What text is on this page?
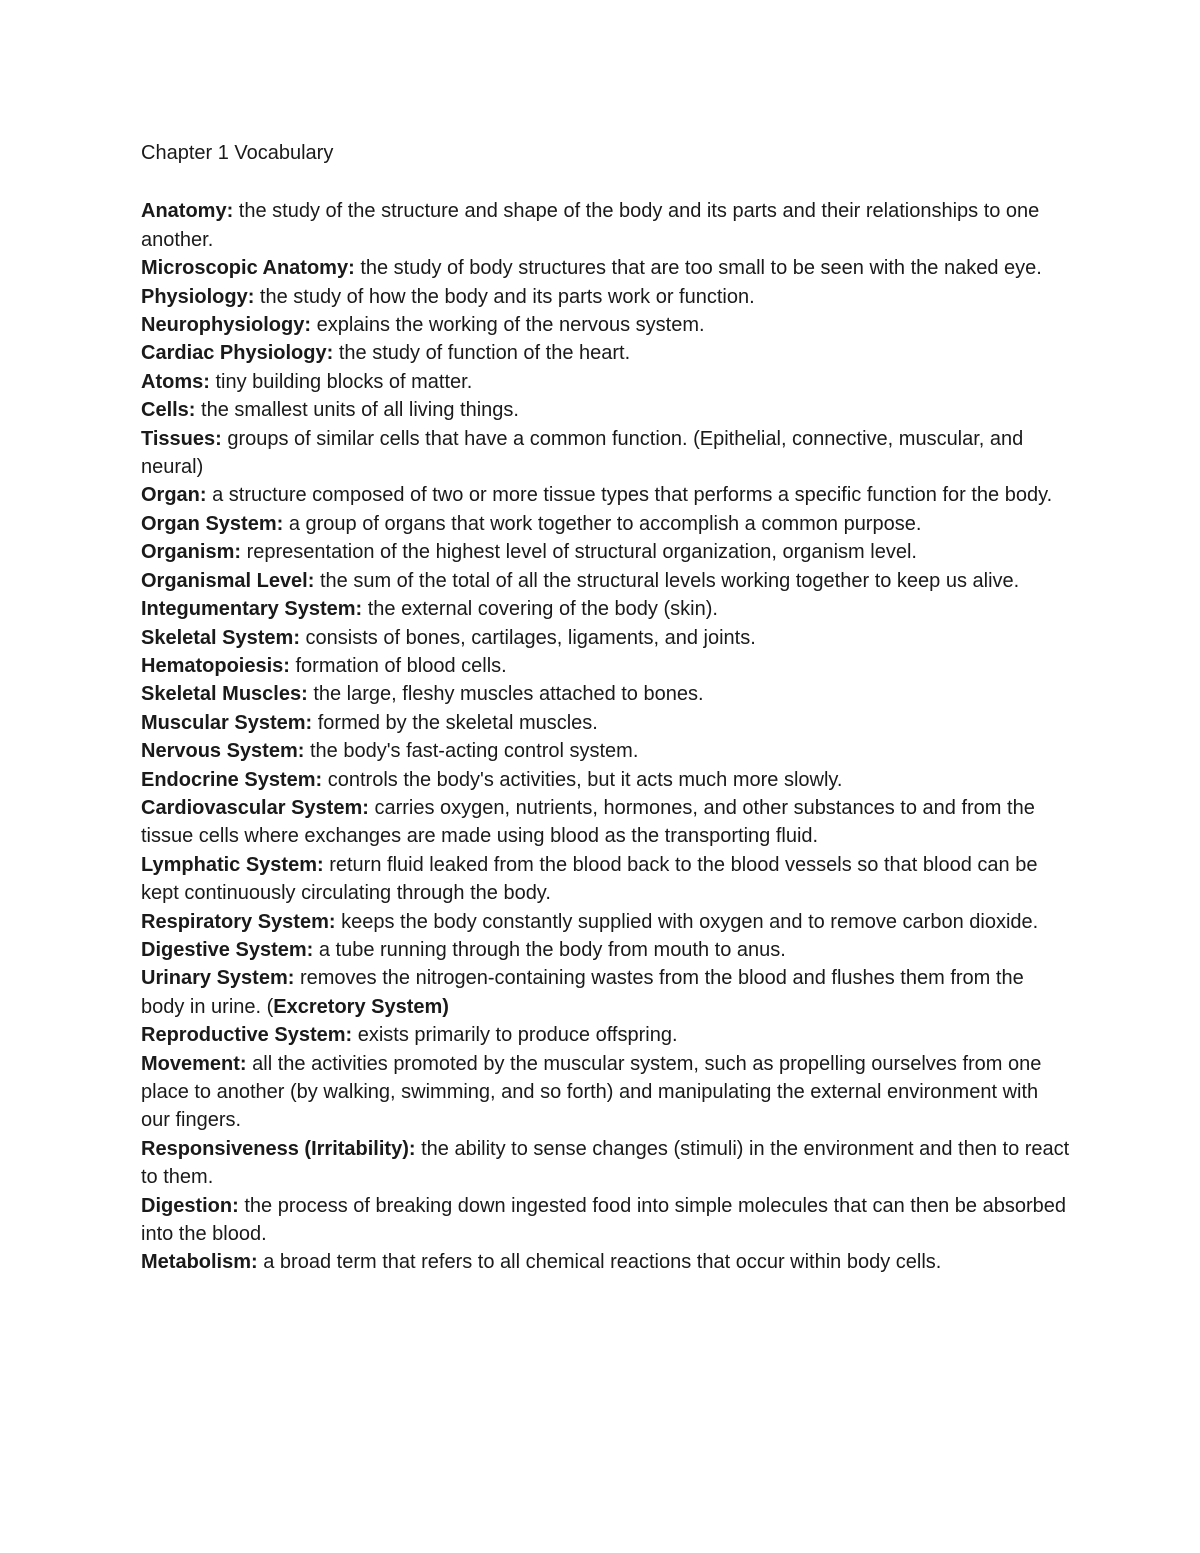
Chapter 1 Vocabulary

Anatomy: the study of the structure and shape of the body and its parts and their relationships to one another.

Microscopic Anatomy: the study of body structures that are too small to be seen with the naked eye.

Physiology: the study of how the body and its parts work or function.

Neurophysiology: explains the working of the nervous system.

Cardiac Physiology: the study of function of the heart.

Atoms: tiny building blocks of matter.

Cells: the smallest units of all living things.

Tissues: groups of similar cells that have a common function. (Epithelial, connective, muscular, and neural)

Organ: a structure composed of two or more tissue types that performs a specific function for the body.

Organ System: a group of organs that work together to accomplish a common purpose.

Organism: representation of the highest level of structural organization, organism level.

Organismal Level: the sum of the total of all the structural levels working together to keep us alive.

Integumentary System: the external covering of the body (skin).

Skeletal System: consists of bones, cartilages, ligaments, and joints.

Hematopoiesis: formation of blood cells.

Skeletal Muscles: the large, fleshy muscles attached to bones.

Muscular System: formed by the skeletal muscles.

Nervous System: the body's fast-acting control system.

Endocrine System: controls the body's activities, but it acts much more slowly.

Cardiovascular System: carries oxygen, nutrients, hormones, and other substances to and from the tissue cells where exchanges are made using blood as the transporting fluid.

Lymphatic System: return fluid leaked from the blood back to the blood vessels so that blood can be kept continuously circulating through the body.

Respiratory System: keeps the body constantly supplied with oxygen and to remove carbon dioxide.

Digestive System: a tube running through the body from mouth to anus.

Urinary System: removes the nitrogen-containing wastes from the blood and flushes them from the body in urine. (Excretory System)

Reproductive System: exists primarily to produce offspring.

Movement: all the activities promoted by the muscular system, such as propelling ourselves from one place to another (by walking, swimming, and so forth) and manipulating the external environment with our fingers.

Responsiveness (Irritability): the ability to sense changes (stimuli) in the environment and then to react to them.

Digestion: the process of breaking down ingested food into simple molecules that can then be absorbed into the blood.

Metabolism: a broad term that refers to all chemical reactions that occur within body cells.
